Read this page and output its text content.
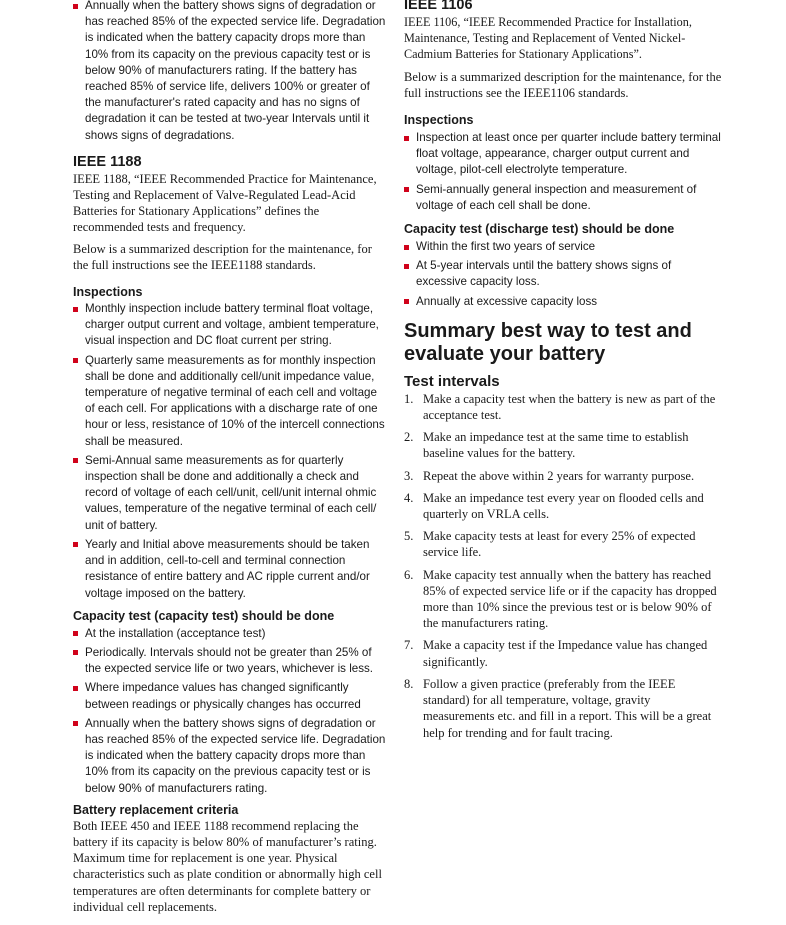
Annually when the battery shows signs of degradation or has reached 85% of the expected service life. Degradation is indicated when the battery capacity drops more than 10% from its capacity on the previous capacity test or is below 90% of manufacturers rating. If the battery has reached 85% of service life, delivers 100% or greater of the manufacturer's rated capacity and has no signs of degradation it can be tested at two-year Intervals until it shows signs of degradations.
IEEE 1188

IEEE 1188, “IEEE Recommended Practice for Maintenance, Testing and Replacement of Valve-Regulated Lead-Acid Batteries for Stationary Applications” defines the recommended tests and frequency.

Below is a summarized description for the maintenance, for the full instructions see the IEEE1188 standards.

Inspections
Monthly inspection include battery terminal float voltage, charger output current and voltage, ambient temperature, visual inspection and DC float current per string.
Quarterly same measurements as for monthly inspection shall be done and additionally cell/unit impedance value, temperature of negative terminal of each cell and voltage of each cell. For applications with a discharge rate of one hour or less, resistance of 10% of the intercell connections shall be measured.
Semi-Annual same measurements as for quarterly inspection shall be done and additionally a check and record of voltage of each cell/unit, cell/unit internal ohmic values, temperature of the negative terminal of each cell/ unit of battery.
Yearly and Initial above measurements should be taken and in addition, cell-to-cell and terminal connection resistance of entire battery and AC ripple current and/or voltage imposed on the battery.
Capacity test (capacity test) should be done
At the installation (acceptance test)
Periodically. Intervals should not be greater than 25% of the expected service life or two years, whichever is less.
Where impedance values has changed significantly between readings or physically changes has occurred
Annually when the battery shows signs of degradation or has reached 85% of the expected service life. Degradation is indicated when the battery capacity drops more than 10% from its capacity on the previous capacity test or is below 90% of manufacturers rating.
Battery replacement criteria

Both IEEE 450 and IEEE 1188 recommend replacing the battery if its capacity is below 80% of manufacturer’s rating. Maximum time for replacement is one year. Physical characteristics such as plate condition or abnormally high cell temperatures are often determinants for complete battery or individual cell replacements.

IEEE 1106

IEEE 1106, “IEEE Recommended Practice for Installation, Maintenance, Testing and Replacement of Vented Nickel-Cadmium Batteries for Stationary Applications”.

Below is a summarized description for the maintenance, for the full instructions see the IEEE1106 standards.

Inspections
Inspection at least once per quarter include battery terminal float voltage, appearance, charger output current and voltage, pilot-cell electrolyte temperature.
Semi-annually general inspection and measurement of voltage of each cell shall be done.
Capacity test (discharge test) should be done
Within the first two years of service
At 5-year intervals until the battery shows signs of excessive capacity loss.
Annually at excessive capacity loss
Summary best way to test and evaluate your battery
Test intervals
1. Make a capacity test when the battery is new as part of the acceptance test.
2. Make an impedance test at the same time to establish baseline values for the battery.
3. Repeat the above within 2 years for warranty purpose.
4. Make an impedance test every year on flooded cells and quarterly on VRLA cells.
5. Make capacity tests at least for every 25% of expected service life.
6. Make capacity test annually when the battery has reached 85% of expected service life or if the capacity has dropped more than 10% since the previous test or is below 90% of the manufacturers rating.
7. Make a capacity test if the Impedance value has changed significantly.
8. Follow a given practice (preferably from the IEEE standard) for all temperature, voltage, gravity measurements etc. and fill in a report. This will be a great help for trending and for fault tracing.
